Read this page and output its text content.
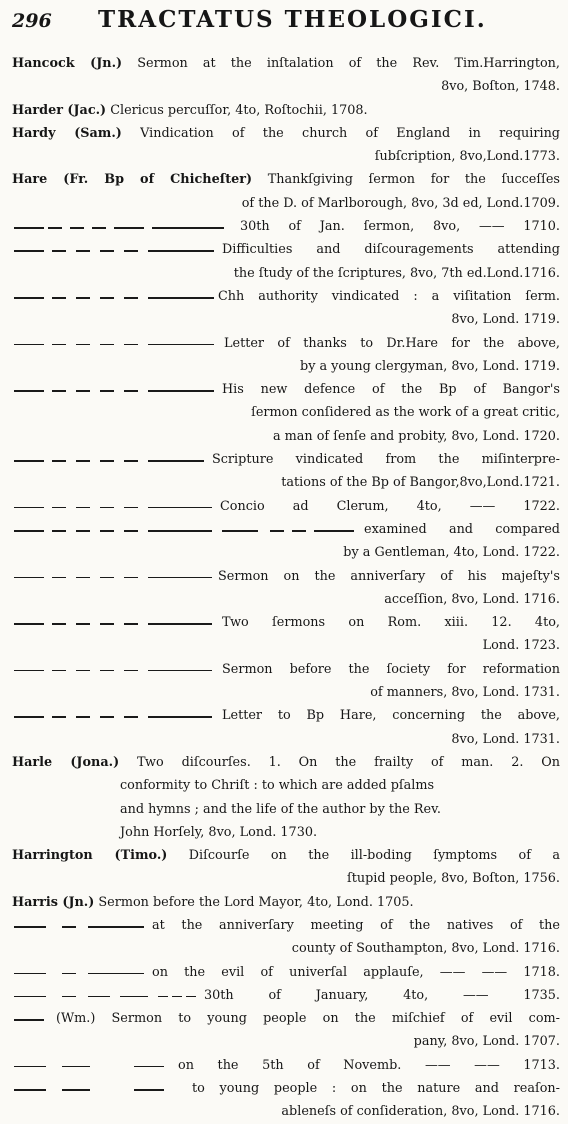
296 TRACTATUS THEOLOGICI.
Hancock (Jn.) Sermon at the inſtalation of the Rev. Tim.Harrington,
8vo, Boſton, 1748.
Harder (Jac.) Clericus percuſſor, 4to, Roſtochii, 1708.
Hardy (Sam.) Vindication of the church of England in requiring
ſubſcription, 8vo,Lond.1773.
Hare (Fr. Bp of Chicheſter) Thankſgiving ſermon for the ſucceſſes
of the D. of Marlborough, 8vo, 3d ed, Lond.1709.
30th of Jan. ſermon, 8vo, —— 1710.
Difficulties and diſcouragements attending
the ſtudy of the ſcriptures, 8vo, 7th ed.Lond.1716.
Chh authority vindicated : a viſitation ſerm.
8vo, Lond. 1719.
Letter of thanks to Dr.Hare for the above,
by a young clergyman, 8vo, Lond. 1719.
His new defence of the Bp of Bangor's
ſermon conſidered as the work of a great critic,
a man of ſenſe and probity, 8vo, Lond. 1720.
Scripture vindicated from the miſinterpre-
tations of the Bp of Bangor,8vo,Lond.1721.
Concio ad Clerum, 4to, —— 1722.
examined and compared
by a Gentleman, 4to, Lond. 1722.
Sermon on the anniverſary of his majeſty's
acceſſion, 8vo, Lond. 1716.
Two ſermons on Rom. xiii. 12. 4to,
Lond. 1723.
Sermon before the ſociety for reformation
of manners, 8vo, Lond. 1731.
Letter to Bp Hare, concerning the above,
8vo, Lond. 1731.
Harle (Jona.) Two diſcourſes. 1. On the frailty of man. 2. On
conformity to Chriſt : to which are added pſalms
and hymns ; and the life of the author by the Rev.
John Horſely, 8vo, Lond. 1730.
Harrington (Timo.) Diſcourſe on the ill-boding ſymptoms of a
ſtupid people, 8vo, Boſton, 1756.
Harris (Jn.) Sermon before the Lord Mayor, 4to, Lond. 1705.
at the anniverſary meeting of the natives of the
county of Southampton, 8vo, Lond. 1716.
on the evil of univerſal applauſe, —— —— 1718.
30th of January, 4to, —— 1735.
(Wm.) Sermon to young people on the miſchief of evil com-
pany, 8vo, Lond. 1707.
on the 5th of Novemb. —— —— 1713.
to young people : on the nature and reaſon-
ableneſs of conſideration, 8vo, Lond. 1716.
